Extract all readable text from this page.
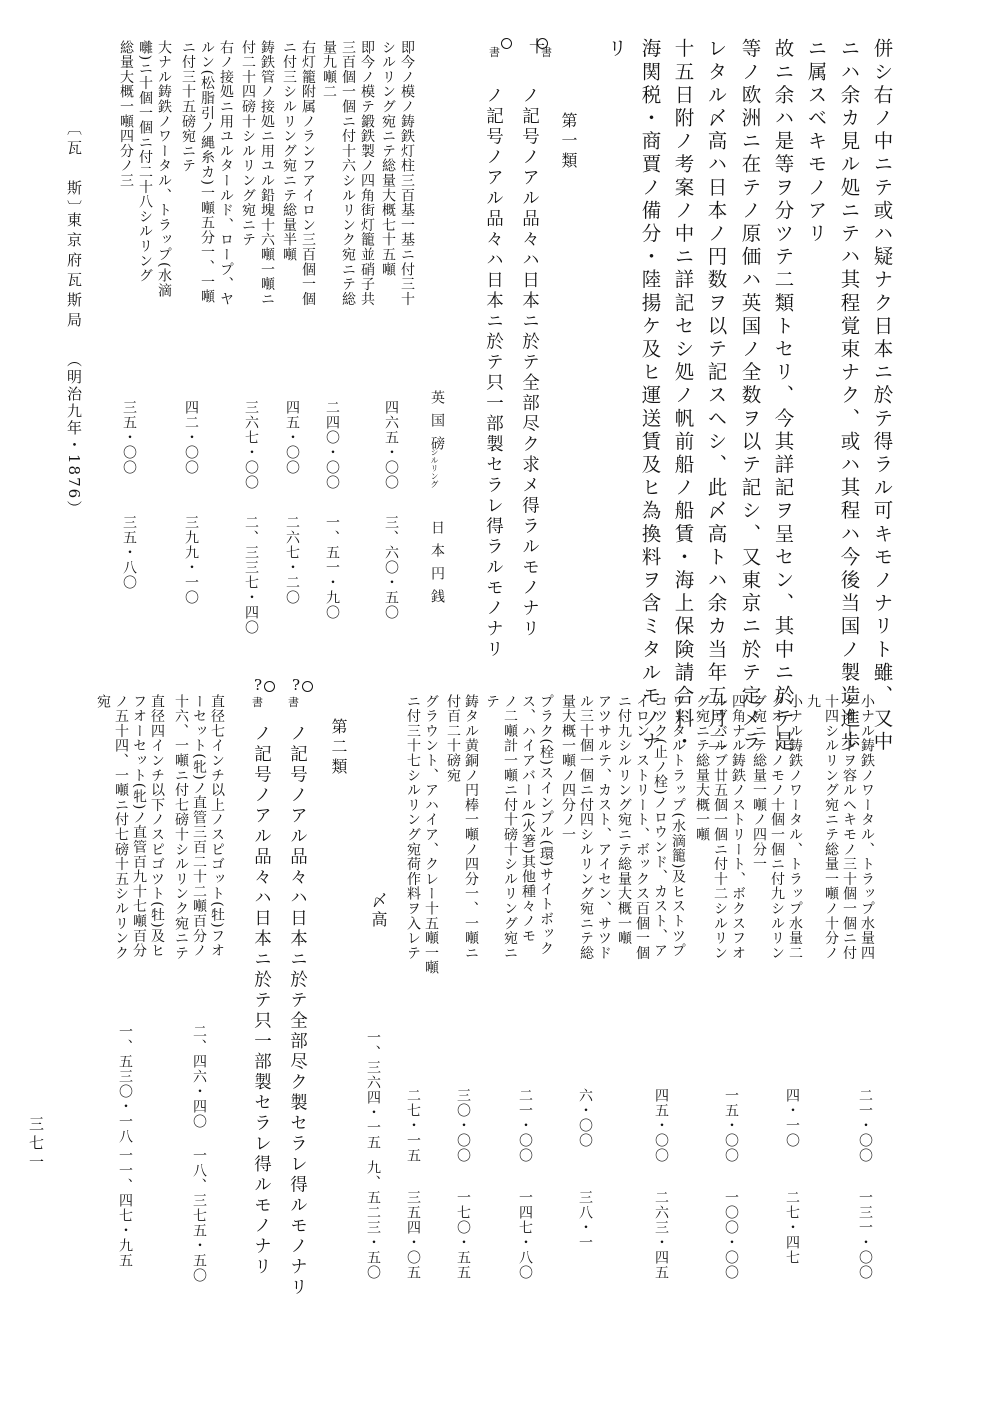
併シ右ノ中ニテ或ハ疑ナク日本ニ於テ得ラル可キモノナリト雖、又中
ニハ余カ見ル処ニテハ其程覚束ナク、或ハ其程ハ今後当国ノ製造進歩
ニ属スベキモノアリ
故ニ余ハ是等ヲ分ツテ二類トセリ、今其詳記ヲ呈セン、其中ニ於テ是
等ノ欧洲ニ在テノ原価ハ英国ノ全数ヲ以テ記シ、又東京ニ於テ定メラ
レタル〆高ハ日本ノ円数ヲ以テ記スヘシ、此〆高トハ余カ当年五月二
十五日附ノ考案ノ中ニ詳記セシ処ノ帆前船ノ船賃・海上保険請合料・
海関税・商賈ノ備分・陸揚ケ及ヒ運送賃及ヒ為換料ヲ含ミタルモノナ
リ
第一類
十
書
ノ記号ノアル品々ハ日本ニ於テ全部尽ク求メ得ラルモノナリ
書
ノ記号ノアル品々ハ日本ニ於テ只一部製セラレ得ラルモノナリ
英国磅
シルリング
日本円銭
即今ノ模ノ鋳鉄灯柱三百基一基ニ付三十
シルリング宛ニテ総量大概七十五噸
四六五・〇〇
三、六〇・五〇
即今ノ模テ鍛鉄製ノ四角街灯籠並硝子共
三百個一個ニ付十六シルリンク宛ニテ総
量九噸二
二四〇・〇〇
一、五一・九〇
右灯籠附属ノランフアイロン三百個一個
ニ付三シルリング宛ニテ総量半噸
四五・〇〇
二六七・二〇
鋳鉄管ノ接処ニ用ユル鉛塊十六噸一噸ニ
付二十四磅十シルリング宛ニテ
三六七・〇〇
二、三三七・四〇
右ノ接処ニ用ユルタールド、ロープ、ヤ
ルン(松脂引ノ縄糸カ)一噸五分一、一噸
ニ付三十五磅宛ニテ
四二・〇〇
三九九・一〇
大ナル鋳鉄ノワータル、トラップ(水滴
囃)ニ十個一個ニ付二十八シルリング
総量大概一噸四分ノ三
三五・〇〇
三五・八〇
〔瓦　斯〕
東京府瓦斯局
（明治九年・1876）
小ナル鋳鉄ノワータル、トラップ水量四
クオートヲ容ルヘキモノ三十個一個ニ付
十四シルリング宛ニテ総量一噸ノ十分ノ
九
二一・〇〇
一三一・〇〇
小ナル鋳鉄ノワータル、トラップ水量二
クオートノモノ十個一個ニ付九シルリン
グ宛ニテ総量一噸ノ四分一
四・一〇
二七・四七
四角ナル鋳鉄ノストリート、ボクスフオ
ルヴバルブ廿五個一個ニ付十二シルリン
グ宛ニテ総量大概一噸
一五・〇〇
一〇〇・〇〇
ワータルトラップ(水滴籠)及ヒストツプ
コツク(止ノ栓)ノロウンド、カスト、ア
イロン、ストリート、ボックス百個一個
ニ付九シルリング宛ニテ総量大概一噸
四五・〇〇
二六三・四五
アツサルテ、カスト、アイセン、サツド
ル三十個一個ニ付四シルリング宛ニテ総
量大概一噸ノ四分ノ一
六・〇〇
三八・一
プラク(栓)スインプル(環)サイトボック
ス、ハイアバール(火箸)其他種々ノモ
ノ二噸計一噸ニ付十磅十シルリング宛ニ
テ
二一・〇〇
一四七・八〇
鋳タル黄銅ノ円棒一噸ノ四分一、一噸ニ
付百二十磅宛
三〇・〇〇
一七〇・五五
グラウント、アハイア、クレー十五噸一噸
ニ付三十七シルリング宛荷作料ヲ入レテ
二七・一五
三五四・〇五
〆高
一、三六四・一五
九、五二三・五〇
第二類
?
書
ノ記号ノアル品々ハ日本ニ於テ全部尽ク製セラレ得ルモノナリ
?
書
ノ記号ノアル品々ハ日本ニ於テ只一部製セラレ得ルモノナリ
直径七インチ以上ノスピゴット(牡)フオ
ーセット(牝)ノ直管三百二十二噸百分ノ
十六、一噸ニ付七磅十シルリンク宛ニテ
二、四六・四〇
一八、三七五・五〇
直径四インチ以下ノスピゴツト(牡)及ヒ
フオーセット(牝)ノ直管百九十七噸百分
ノ五十四、一噸ニ付七磅十五シルリンク
宛
一、五三〇・一八
一一、四七・九五
三七一
